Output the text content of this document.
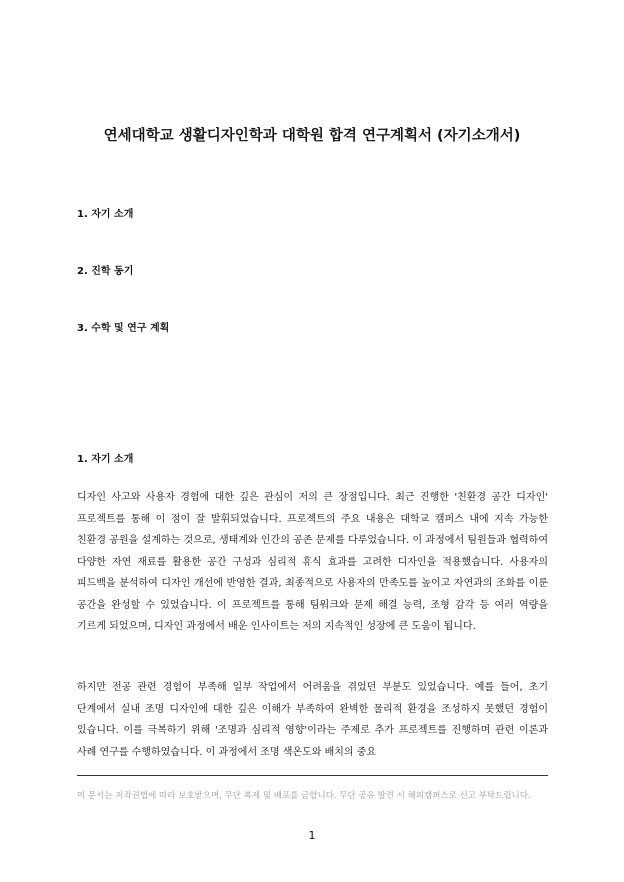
연세대학교 생활디자인학과 대학원 합격 연구계획서 (자기소개서)

1. 자기 소개

2. 진학 동기

3. 수학 및 연구 계획

1. 자기 소개

디자인 사고와 사용자 경험에 대한 깊은 관심이 저의 큰 장점입니다. 최근 진행한 '친환경 공간 디자인' 프로젝트를 통해 이 점이 잘 발휘되었습니다. 프로젝트의 주요 내용은 대학교 캠퍼스 내에 지속 가능한 친환경 공원을 설계하는 것으로, 생태계와 인간의 공존 문제를 다루었습니다. 이 과정에서 팀원들과 협력하여 다양한 자연 재료를 활용한 공간 구성과 심리적 휴식 효과를 고려한 디자인을 적용했습니다. 사용자의 피드백을 분석하여 디자인 개선에 반영한 결과, 최종적으로 사용자의 만족도를 높이고 자연과의 조화를 이룬 공간을 완성할 수 있었습니다. 이 프로젝트를 통해 팀워크와 문제 해결 능력, 조형 감각 등 여러 역량을 기르게 되었으며, 디자인 과정에서 배운 인사이트는 저의 지속적인 성장에 큰 도움이 됩니다.

하지만 전공 관련 경험이 부족해 일부 작업에서 어려움을 겪었던 부분도 있었습니다. 예를 들어, 초기 단계에서 실내 조명 디자인에 대한 깊은 이해가 부족하여 완벽한 물리적 환경을 조성하지 못했던 경험이 있습니다. 이를 극복하기 위해 '조명과 심리적 영향'이라는 주제로 추가 프로젝트를 진행하며 관련 이론과 사례 연구를 수행하였습니다. 이 과정에서 조명 색온도와 배치의 중요

이 문서는 저작권법에 따라 보호받으며, 무단 복제 및 배포를 금합니다. 무단 공유 발견 시 해피캠퍼스로 신고 부탁드립니다.

1
